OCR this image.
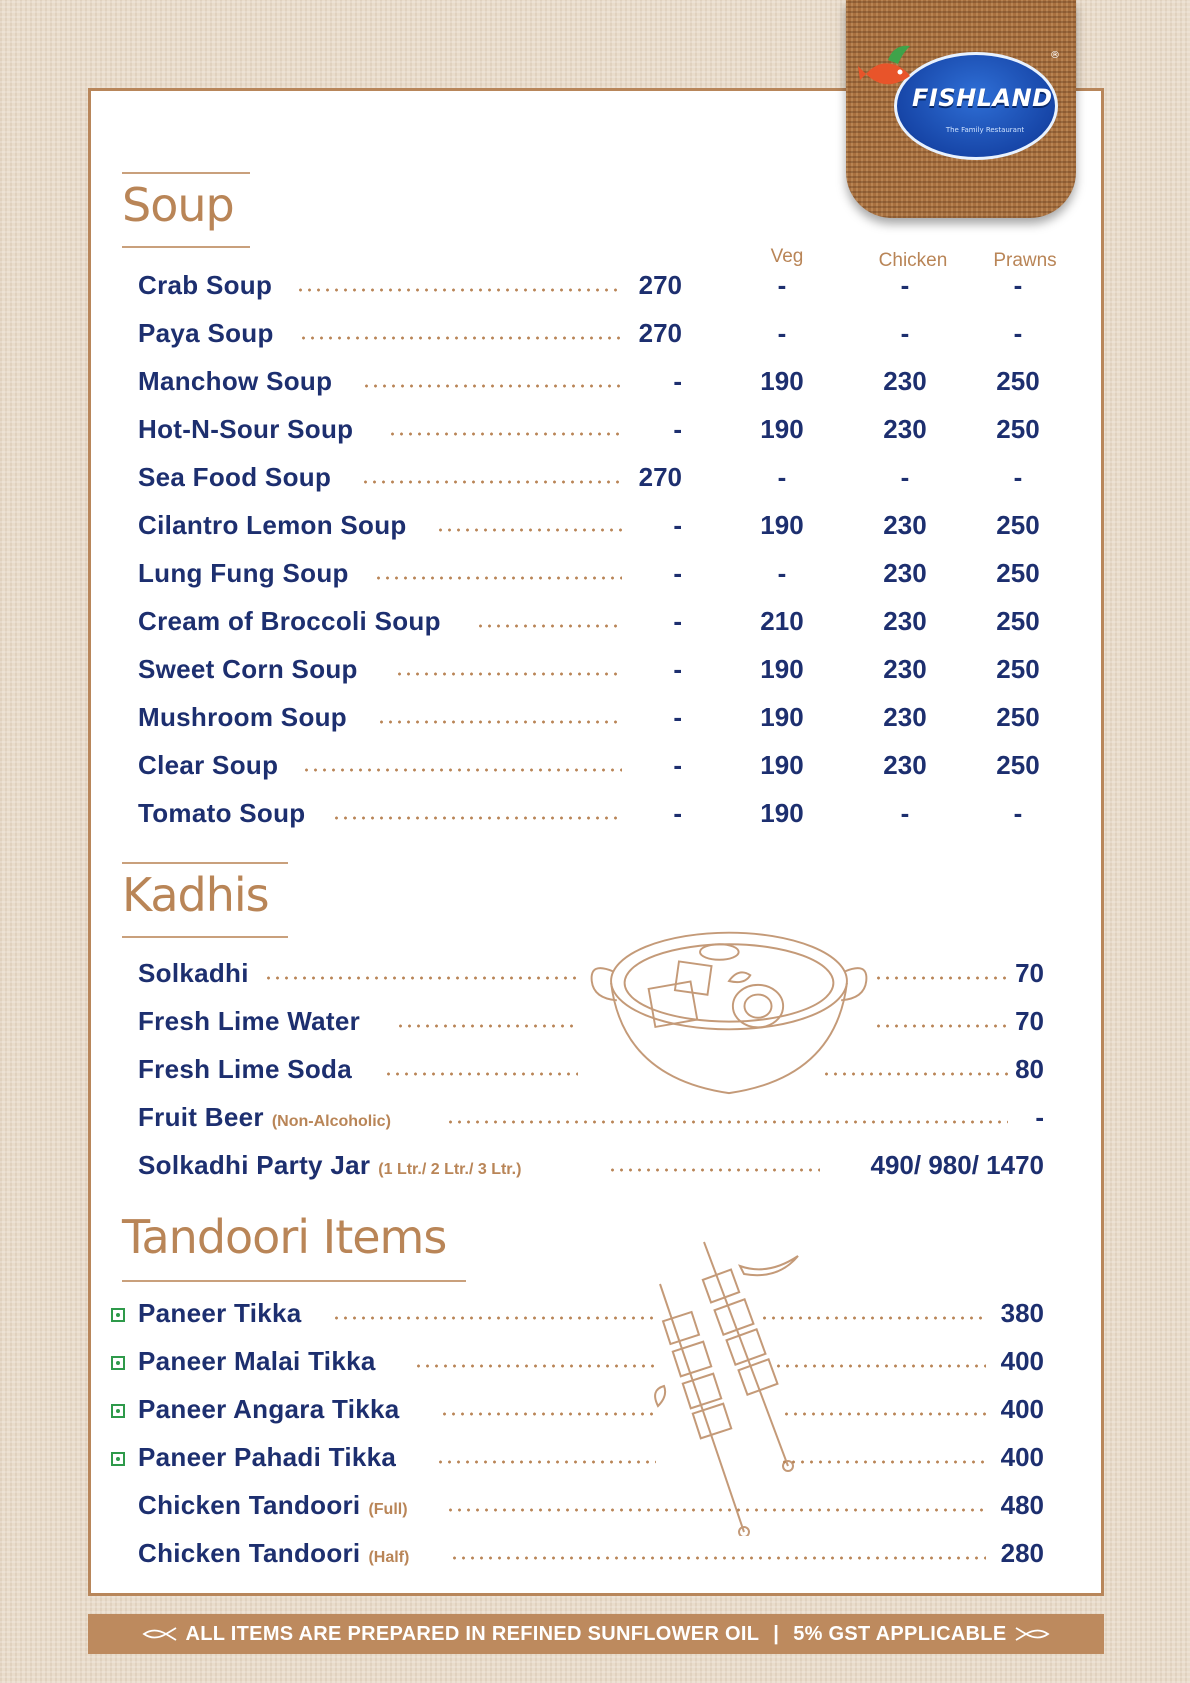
FISHLAND
The Family Restaurant
®
Soup
Veg	Chicken	Prawns
Crab Soup	270	-	-	-
Paya Soup	270	-	-	-
Manchow Soup	-	190	230	250
Hot-N-Sour Soup	-	190	230	250
Sea Food Soup	270	-	-	-
Cilantro Lemon Soup	-	190	230	250
Lung Fung Soup	-	-	230	250
Cream of Broccoli Soup	-	210	230	250
Sweet Corn Soup	-	190	230	250
Mushroom Soup	-	190	230	250
Clear Soup	-	190	230	250
Tomato Soup	-	190	-	-
Kadhis
Solkadhi	70
Fresh Lime Water	70
Fresh Lime Soda	80
Fruit Beer (Non-Alcoholic)	-
Solkadhi Party Jar (1 Ltr./ 2 Ltr./ 3 Ltr.)	490/ 980/ 1470
Tandoori Items
Paneer Tikka	380
Paneer Malai Tikka	400
Paneer Angara Tikka	400
Paneer Pahadi Tikka	400
Chicken Tandoori (Full)	480
Chicken Tandoori (Half)	280
ALL ITEMS ARE PREPARED IN REFINED SUNFLOWER OIL | 5% GST APPLICABLE
